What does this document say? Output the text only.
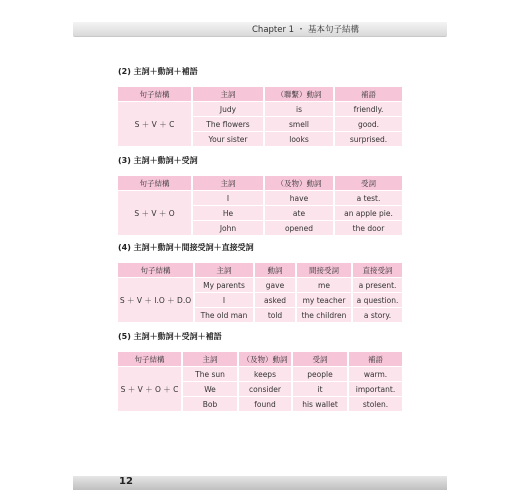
Chapter 1 ・ 基本句子結構
(2) 主詞＋動詞＋補語
句子結構	主詞	（聯繫）動詞	補語
S ＋ V ＋ C	Judy	is	friendly.
	The flowers	smell	good.
	Your sister	looks	surprised.
(3) 主詞＋動詞＋受詞
句子結構	主詞	（及物）動詞	受詞
S ＋ V ＋ O	I	have	a test.
	He	ate	an apple pie.
	John	opened	the door
(4) 主詞＋動詞＋間接受詞＋直接受詞
句子結構	主詞	動詞	間接受詞	直接受詞
S ＋ V ＋ I.O ＋ D.O	My parents	gave	me	a present.
	I	asked	my teacher	a question.
	The old man	told	the children	a story.
(5) 主詞＋動詞＋受詞＋補語
句子結構	主詞	（及物）動詞	受詞	補語
S ＋ V ＋ O ＋ C	The sun	keeps	people	warm.
	We	consider	it	important.
	Bob	found	his wallet	stolen.
12
